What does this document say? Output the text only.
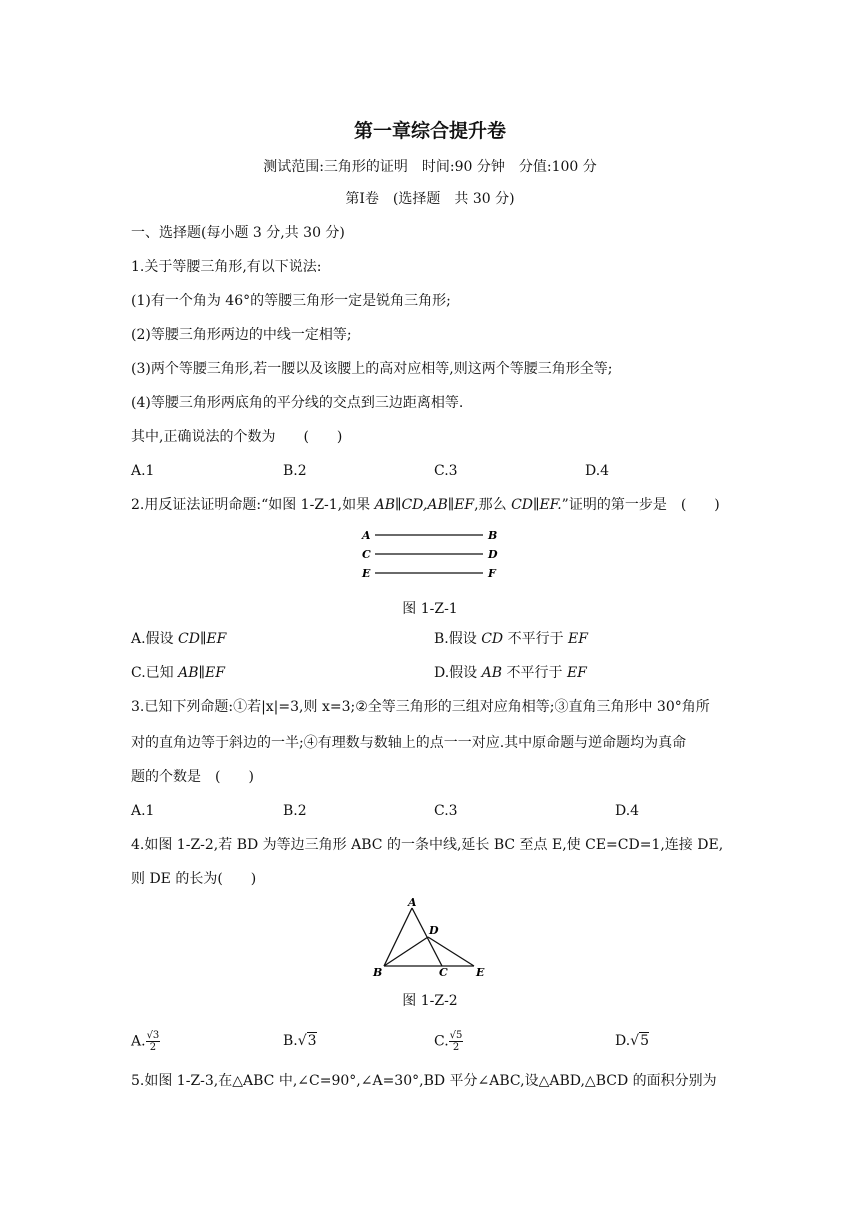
第一章综合提升卷
测试范围:三角形的证明　时间:90 分钟　分值:100 分
第Ⅰ卷　(选择题　共 30 分)
一、选择题(每小题 3 分,共 30 分)
1.关于等腰三角形,有以下说法:
(1)有一个角为 46°的等腰三角形一定是锐角三角形;
(2)等腰三角形两边的中线一定相等;
(3)两个等腰三角形,若一腰以及该腰上的高对应相等,则这两个等腰三角形全等;
(4)等腰三角形两底角的平分线的交点到三边距离相等.
其中,正确说法的个数为　　(　　)
A.1	B.2	C.3	D.4
2.用反证法证明命题:“如图 1-Z-1,如果 AB∥CD,AB∥EF,那么 CD∥EF.”证明的第一步是　(　　)
A	B
C	D
E	F
图 1-Z-1
A.假设 CD∥EF	B.假设 CD 不平行于 EF
C.已知 AB∥EF	D.假设 AB 不平行于 EF
3.已知下列命题:①若|x|=3,则 x=3;②全等三角形的三组对应角相等;③直角三角形中 30°角所
对的直角边等于斜边的一半;④有理数与数轴上的点一一对应.其中原命题与逆命题均为真命
题的个数是　(　　)
A.1	B.2	C.3	D.4
4.如图 1-Z-2,若 BD 为等边三角形 ABC 的一条中线,延长 BC 至点 E,使 CE=CD=1,连接 DE,
则 DE 的长为(　　)
A
D
B	C	E
图 1-Z-2
A. $\frac{√3}{2}$	B.√3	C. $\frac{√5}{2}$	D.√5
5.如图 1-Z-3,在△ABC 中,∠C=90°,∠A=30°,BD 平分∠ABC,设△ABD,△BCD 的面积分别为
